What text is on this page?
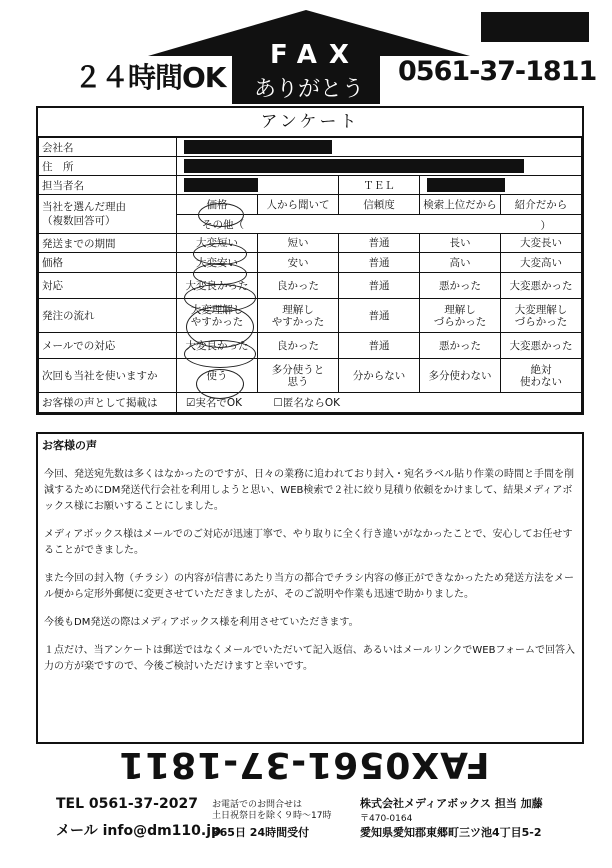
２４時間OK
FAX
ありがとう
0561-37-1811
アンケート
会社名					

住　所					

担当者名			ＴＥＬ		

当社を選んだ理由
（複数回答可）	価格	人から聞いて	信頼度	検索上位だから	紹介だから
	その他（ ）				

発送までの期間	大変短い	短い	普通	長い	大変長い
価格	大変安い	安い	普通	高い	大変高い
対応	大変良かった	良かった	普通	悪かった	大変悪かった
発注の流れ	大変理解し
やすかった	理解し
やすかった	普通	理解し
づらかった	大変理解し
づらかった
メールでの対応	大変良かった	良かった	普通	悪かった	大変悪かった
次回も当社を使いますか	使う	多分使うと
思う	分からない	多分使わない	絶対
使わない
お客様の声として掲載は	☑実名でOK ☐匿名ならOK				
お客様の声

今回、発送宛先数は多くはなかったのですが、日々の業務に追われており封入・宛名ラベル貼り作業の時間と手間を削減するためにDM発送代行会社を利用しようと思い、WEB検索で２社に絞り見積り依頼をかけまして、結果メディアボックス様にお願いすることにしました。

メディアボックス様はメールでのご対応が迅速丁寧で、やり取りに全く行き違いがなかったことで、安心してお任せすることができました。

また今回の封入物（チラシ）の内容が信書にあたり当方の都合でチラシ内容の修正ができなかったため発送方法をメール便から定形外郵便に変更させていただきましたが、そのご説明や作業も迅速で助かりました。

今後もDM発送の際はメディアボックス様を利用させていただきます。

１点だけ、当アンケートは郵送ではなくメールでいただいて記入返信、あるいはメールリンクでWEBフォームで回答入力の方が楽ですので、今後ご検討いただけますと幸いです。

FAX0561-37-1811
TEL 0561-37-2027
メール info@dm110.jp
お電話でのお問合せは
土日祝祭日を除く９時～17時
365日 24時間受付
株式会社メディアボックス 担当 加藤
〒470-0164
愛知県愛知郡東郷町三ツ池4丁目5-2
